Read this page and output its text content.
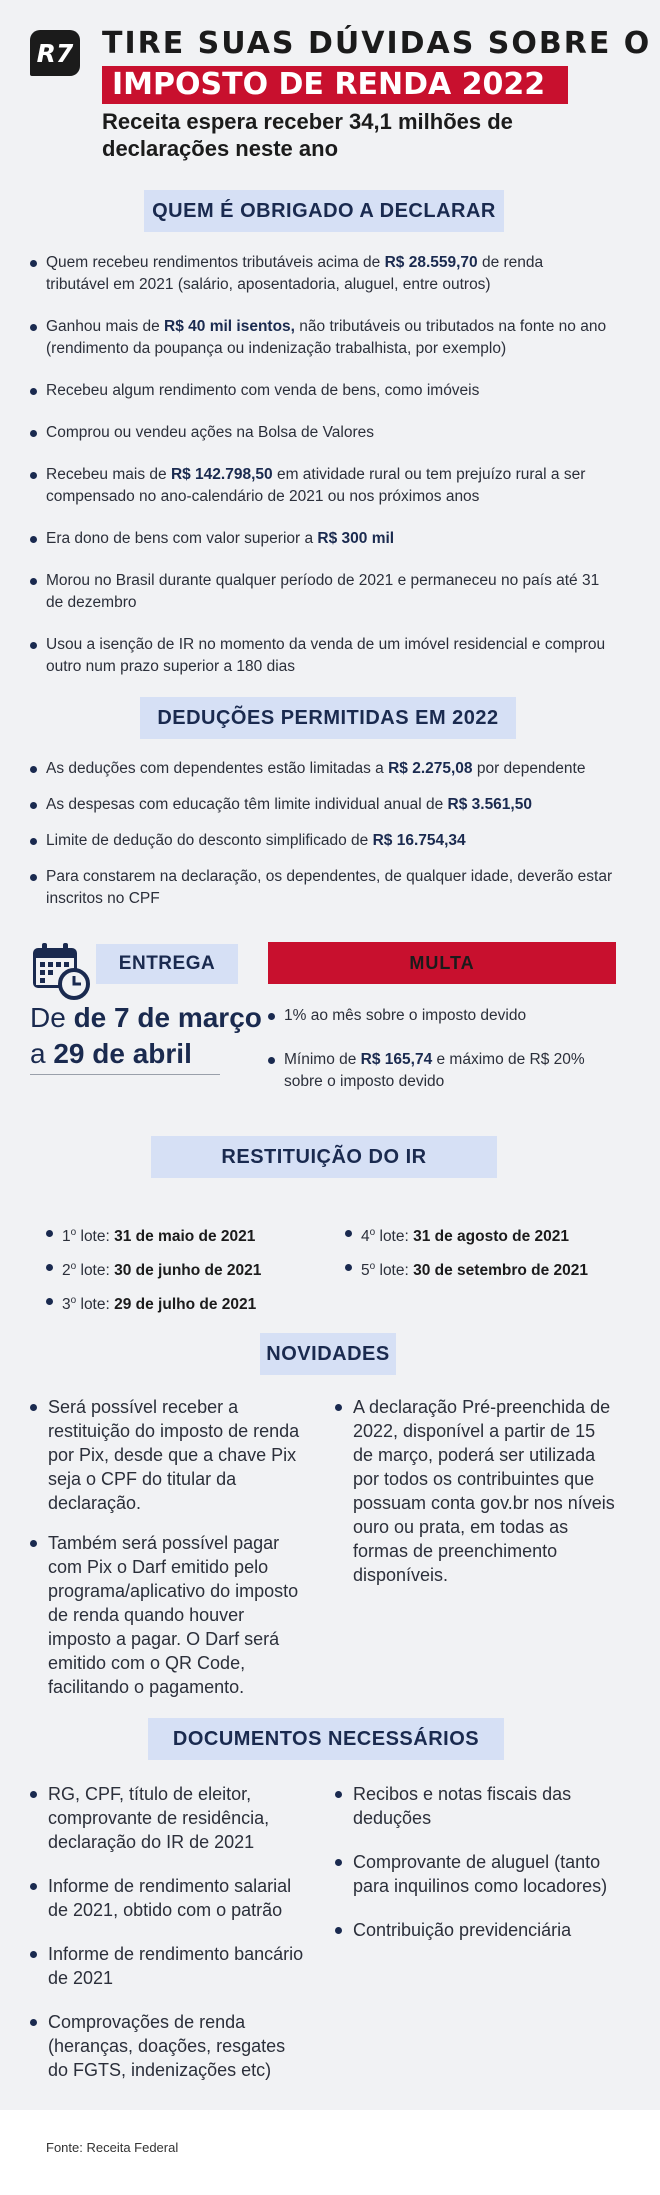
R7 TIRE SUAS DÚVIDAS SOBRE O
IMPOSTO DE RENDA 2022
Receita espera receber 34,1 milhões de declarações neste ano
QUEM É OBRIGADO A DECLARAR
Quem recebeu rendimentos tributáveis acima de R$ 28.559,70 de renda tributável em 2021 (salário, aposentadoria, aluguel, entre outros)
Ganhou mais de R$ 40 mil isentos, não tributáveis ou tributados na fonte no ano (rendimento da poupança ou indenização trabalhista, por exemplo)
Recebeu algum rendimento com venda de bens, como imóveis
Comprou ou vendeu ações na Bolsa de Valores
Recebeu mais de R$ 142.798,50 em atividade rural ou tem prejuízo rural a ser compensado no ano-calendário de 2021 ou nos próximos anos
Era dono de bens com valor superior a R$ 300 mil
Morou no Brasil durante qualquer período de 2021 e permaneceu no país até 31 de dezembro
Usou a isenção de IR no momento da venda de um imóvel residencial e comprou outro num prazo superior a 180 dias
DEDUÇÕES PERMITIDAS EM 2022
As deduções com dependentes estão limitadas a R$ 2.275,08 por dependente
As despesas com educação têm limite individual anual de R$ 3.561,50
Limite de dedução do desconto simplificado de R$ 16.754,34
Para constarem na declaração, os dependentes, de qualquer idade, deverão estar inscritos no CPF
ENTREGA
De de 7 de março
a 29 de abril
MULTA
1% ao mês sobre o imposto devido
Mínimo de R$ 165,74 e máximo de R$ 20% sobre o imposto devido
RESTITUIÇÃO DO IR
1$^o$ lote: 31 de maio de 2021
2$^o$ lote: 30 de junho de 2021
3$^o$ lote: 29 de julho de 2021
4$^o$ lote: 31 de agosto de 2021
5$^o$ lote: 30 de setembro de 2021
NOVIDADES
Será possível receber a restituição do imposto de renda por Pix, desde que a chave Pix seja o CPF do titular da declaração.
Também será possível pagar com Pix o Darf emitido pelo programa/aplicativo do imposto de renda quando houver imposto a pagar. O Darf será emitido com o QR Code, facilitando o pagamento.
A declaração Pré-preenchida de 2022, disponível a partir de 15 de março, poderá ser utilizada por todos os contribuintes que possuam conta gov.br nos níveis ouro ou prata, em todas as formas de preenchimento disponíveis.
DOCUMENTOS NECESSÁRIOS
RG, CPF, título de eleitor, comprovante de residência, declaração do IR de 2021
Informe de rendimento salarial de 2021, obtido com o patrão
Informe de rendimento bancário de 2021
Comprovações de renda (heranças, doações, resgates do FGTS, indenizações etc)
Recibos e notas fiscais das deduções
Comprovante de aluguel (tanto para inquilinos como locadores)
Contribuição previdenciária
Fonte: Receita Federal
